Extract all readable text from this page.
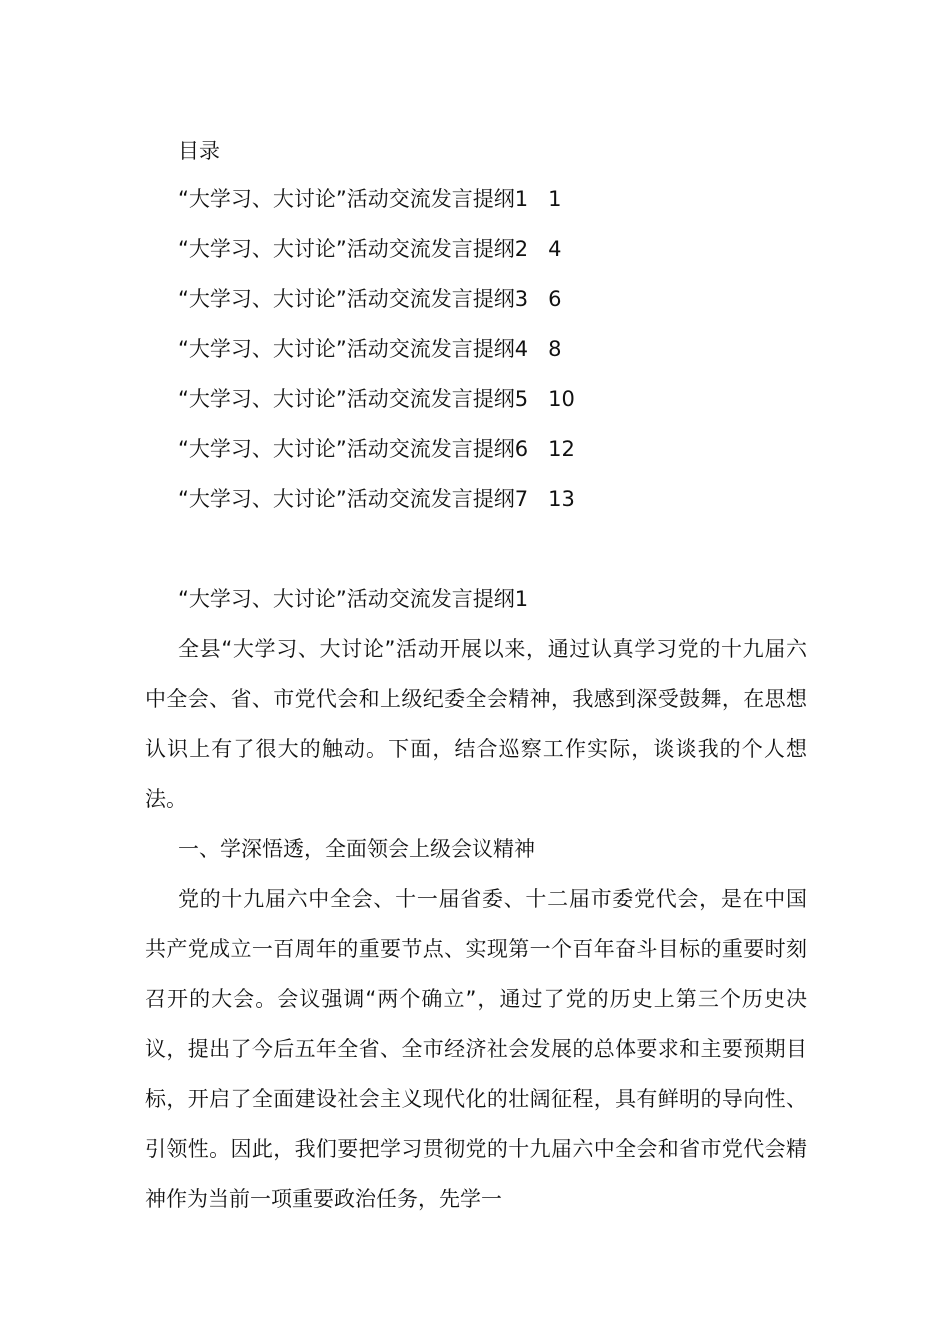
目录
“大学习、大讨论”活动交流发言提纲1 1
“大学习、大讨论”活动交流发言提纲2 4
“大学习、大讨论”活动交流发言提纲3 6
“大学习、大讨论”活动交流发言提纲4 8
“大学习、大讨论”活动交流发言提纲5 10
“大学习、大讨论”活动交流发言提纲6 12
“大学习、大讨论”活动交流发言提纲7 13
“大学习、大讨论”活动交流发言提纲1

全县“大学习、大讨论”活动开展以来，通过认真学习党的十九届六中全会、省、市党代会和上级纪委全会精神，我感到深受鼓舞，在思想认识上有了很大的触动。下面，结合巡察工作实际，谈谈我的个人想法。

一、学深悟透，全面领会上级会议精神

党的十九届六中全会、十一届省委、十二届市委党代会，是在中国共产党成立一百周年的重要节点、实现第一个百年奋斗目标的重要时刻召开的大会。会议强调“两个确立”，通过了党的历史上第三个历史决议，提出了今后五年全省、全市经济社会发展的总体要求和主要预期目标，开启了全面建设社会主义现代化的壮阔征程，具有鲜明的导向性、引领性。因此，我们要把学习贯彻党的十九届六中全会和省市党代会精神作为当前一项重要政治任务，先学一
